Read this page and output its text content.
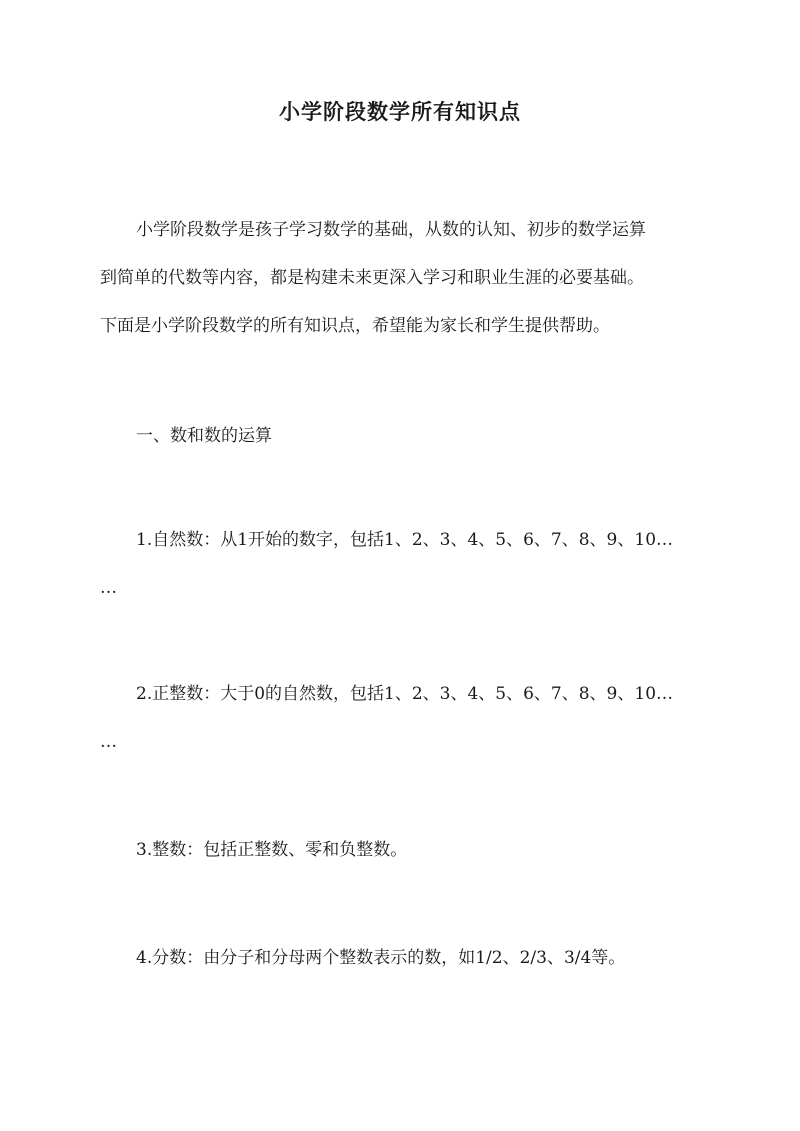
小学阶段数学所有知识点
小学阶段数学是孩子学习数学的基础，从数的认知、初步的数学运算
到简单的代数等内容，都是构建未来更深入学习和职业生涯的必要基础。
下面是小学阶段数学的所有知识点，希望能为家长和学生提供帮助。
一、数和数的运算
1.自然数：从1开始的数字，包括1、2、3、4、5、6、7、8、9、10…
…
2.正整数：大于0的自然数，包括1、2、3、4、5、6、7、8、9、10…
…
3.整数：包括正整数、零和负整数。
4.分数：由分子和分母两个整数表示的数，如1/2、2/3、3/4等。
